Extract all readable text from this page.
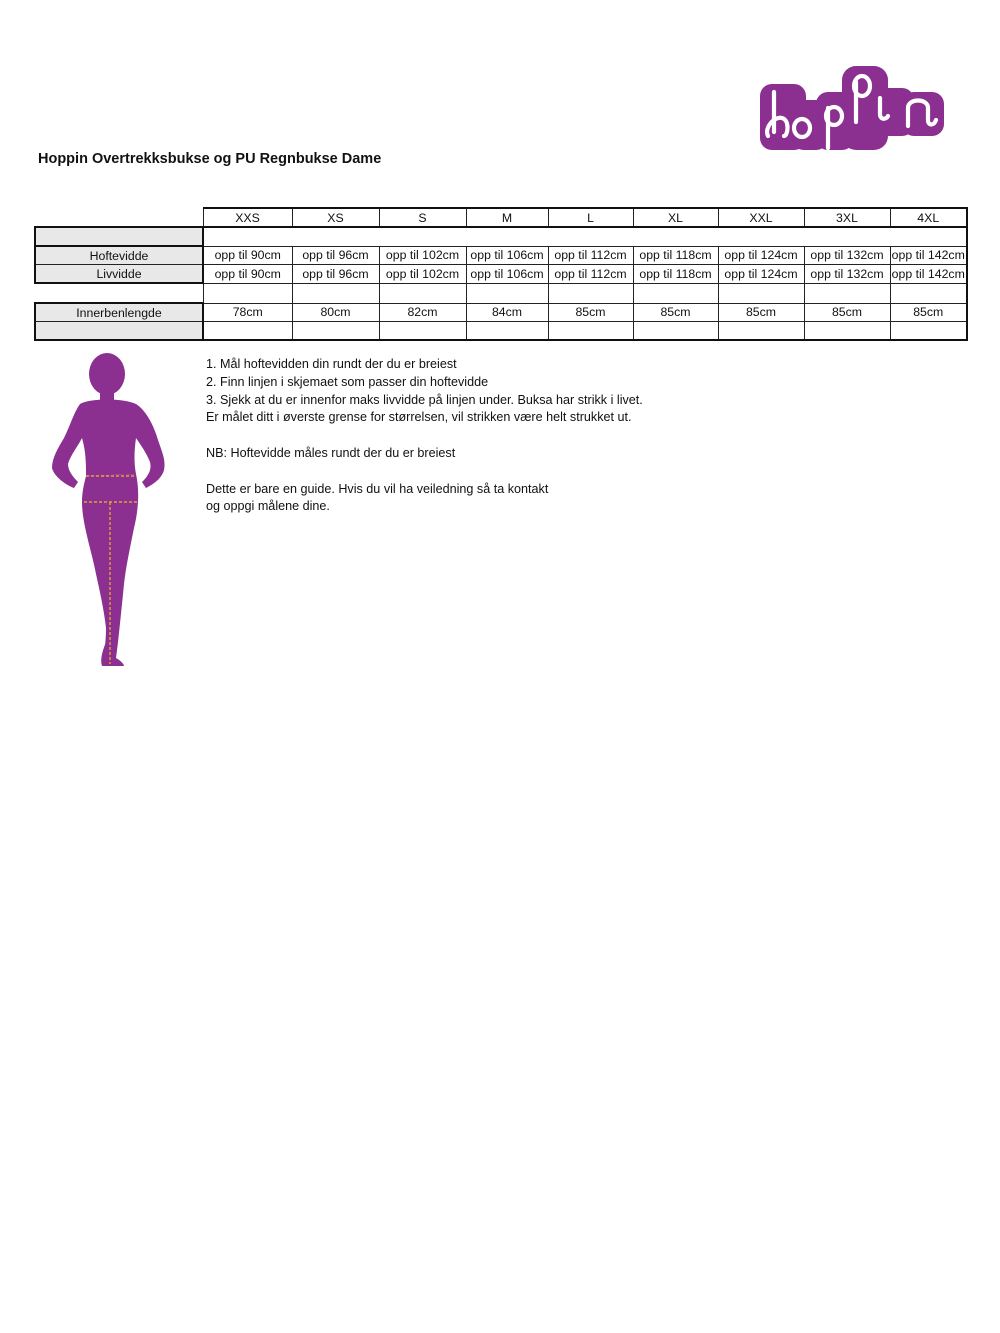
Hoppin Overtrekksbukse og PU Regnbukse Dame
	XXS	XS	S	M	L	XL	XXL	3XL	4XL

Hoftevidde	opp til 90cm	opp til 96cm	opp til 102cm	opp til 106cm	opp til 112cm	opp til 118cm	opp til 124cm	opp til 132cm	opp til 142cm
Livvidde	opp til 90cm	opp til 96cm	opp til 102cm	opp til 106cm	opp til 112cm	opp til 118cm	opp til 124cm	opp til 132cm	opp til 142cm

Innerbenlengde	78cm	80cm	82cm	84cm	85cm	85cm	85cm	85cm	85cm

1. Mål hoftevidden din rundt der du er breiest

2. Finn linjen i skjemaet som passer din hoftevidde

3. Sjekk at du er innenfor maks livvidde på linjen under. Buksa har strikk i livet.

Er målet ditt i øverste grense for størrelsen, vil strikken være helt strukket ut.

NB: Hoftevidde måles rundt der du er breiest

Dette er bare en guide. Hvis du vil ha veiledning så ta kontakt

og oppgi målene dine.
